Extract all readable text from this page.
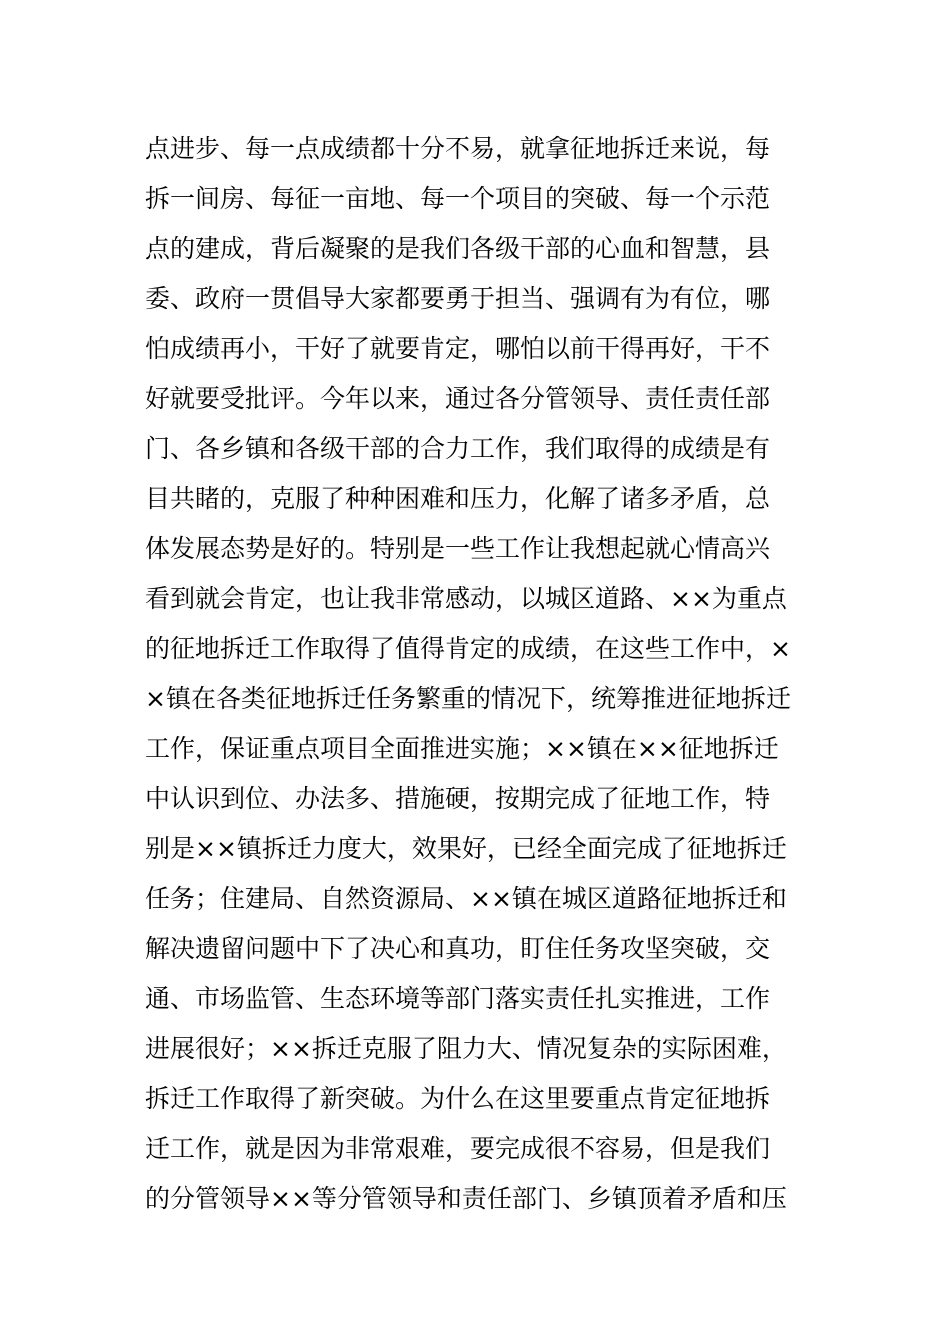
点进步、每一点成绩都十分不易，就拿征地拆迁来说，每
拆一间房、每征一亩地、每一个项目的突破、每一个示范
点的建成，背后凝聚的是我们各级干部的心血和智慧，县
委、政府一贯倡导大家都要勇于担当、强调有为有位，哪
怕成绩再小，干好了就要肯定，哪怕以前干得再好，干不
好就要受批评。今年以来，通过各分管领导、责任责任部
门、各乡镇和各级干部的合力工作，我们取得的成绩是有
目共睹的，克服了种种困难和压力，化解了诸多矛盾，总
体发展态势是好的。特别是一些工作让我想起就心情高兴
看到就会肯定，也让我非常感动，以城区道路、××为重点
的征地拆迁工作取得了值得肯定的成绩，在这些工作中，×
×镇在各类征地拆迁任务繁重的情况下，统筹推进征地拆迁
工作，保证重点项目全面推进实施；××镇在××征地拆迁
中认识到位、办法多、措施硬，按期完成了征地工作，特
别是××镇拆迁力度大，效果好，已经全面完成了征地拆迁
任务；住建局、自然资源局、××镇在城区道路征地拆迁和
解决遗留问题中下了决心和真功，盯住任务攻坚突破，交
通、市场监管、生态环境等部门落实责任扎实推进，工作
进展很好；××拆迁克服了阻力大、情况复杂的实际困难，
拆迁工作取得了新突破。为什么在这里要重点肯定征地拆
迁工作，就是因为非常艰难，要完成很不容易，但是我们
的分管领导××等分管领导和责任部门、乡镇顶着矛盾和压
